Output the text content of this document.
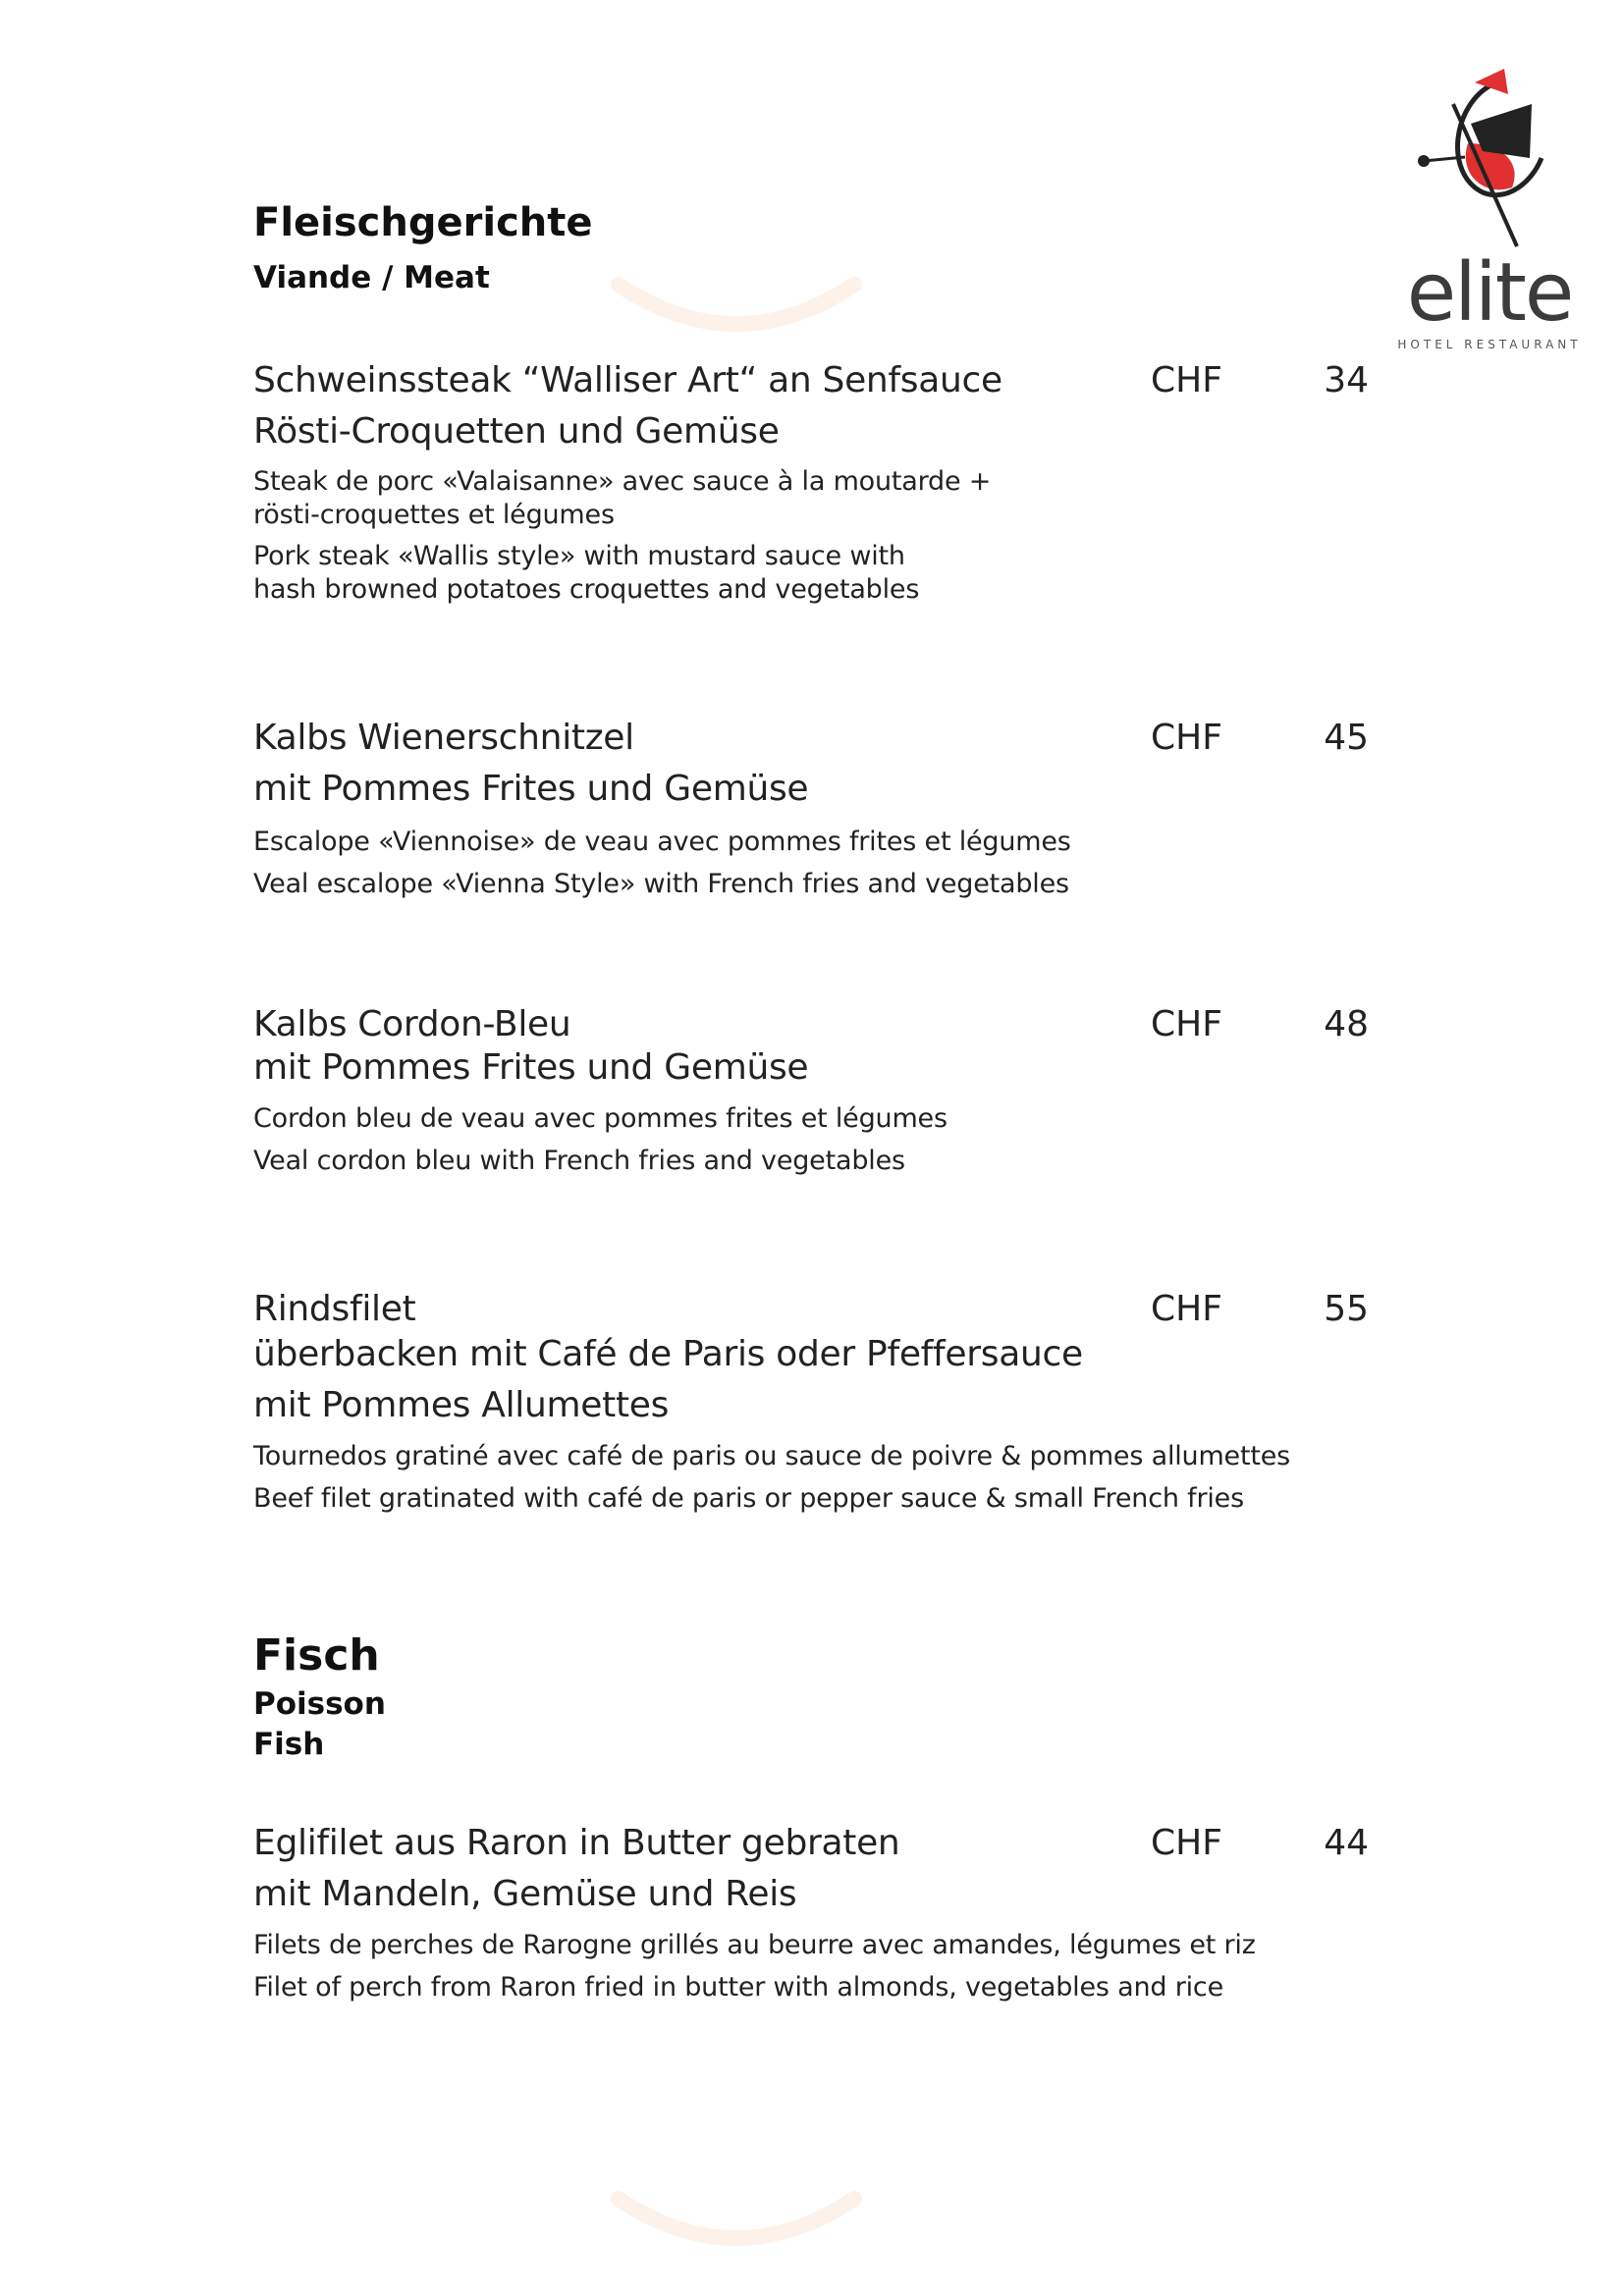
elite
HOTEL RESTAURANT
Fleischgerichte
Viande / Meat
Schweinssteak “Walliser Art“ an Senfsauce
Rösti-Croquetten und Gemüse
Steak de porc «Valaisanne» avec sauce à la moutarde +
rösti-croquettes et légumes
Pork steak «Wallis style» with mustard sauce with
hash browned potatoes croquettes and vegetables
CHF	34
Kalbs Wienerschnitzel
mit Pommes Frites und Gemüse
Escalope «Viennoise» de veau avec pommes frites et légumes
Veal escalope «Vienna Style» with French fries and vegetables
CHF	45
Kalbs Cordon-Bleu
mit Pommes Frites und Gemüse
Cordon bleu de veau avec pommes frites et légumes
Veal cordon bleu with French fries and vegetables
CHF	48
Rindsfilet
überbacken mit Café de Paris oder Pfeffersauce
mit Pommes Allumettes
Tournedos gratiné avec café de paris ou sauce de poivre & pommes allumettes
Beef filet gratinated with café de paris or pepper sauce & small French fries
CHF	55
Fisch
Poisson
Fish
Eglifilet aus Raron in Butter gebraten
mit Mandeln, Gemüse und Reis
Filets de perches de Rarogne grillés au beurre avec amandes, légumes et riz
Filet of perch from Raron fried in butter with almonds, vegetables and rice
CHF	44
